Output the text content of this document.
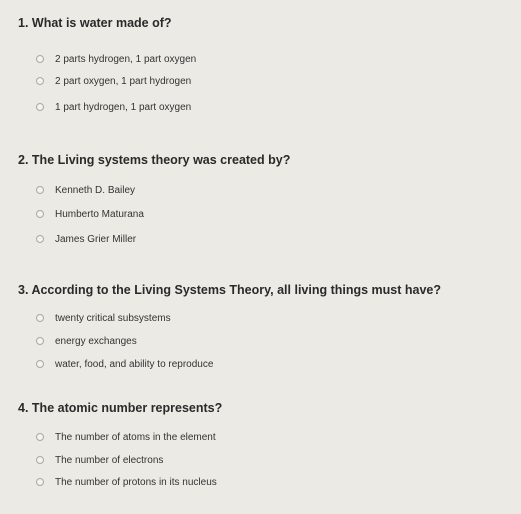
1. What is water made of?
2 parts hydrogen, 1 part oxygen
2 part oxygen, 1 part hydrogen
1 part hydrogen, 1 part oxygen
2. The Living systems theory was created by?
Kenneth D. Bailey
Humberto Maturana
James Grier Miller
3. According to the Living Systems Theory, all living things must have?
twenty critical subsystems
energy exchanges
water, food, and ability to reproduce
4. The atomic number represents?
The number of atoms in the element
The number of electrons
The number of protons in its nucleus
